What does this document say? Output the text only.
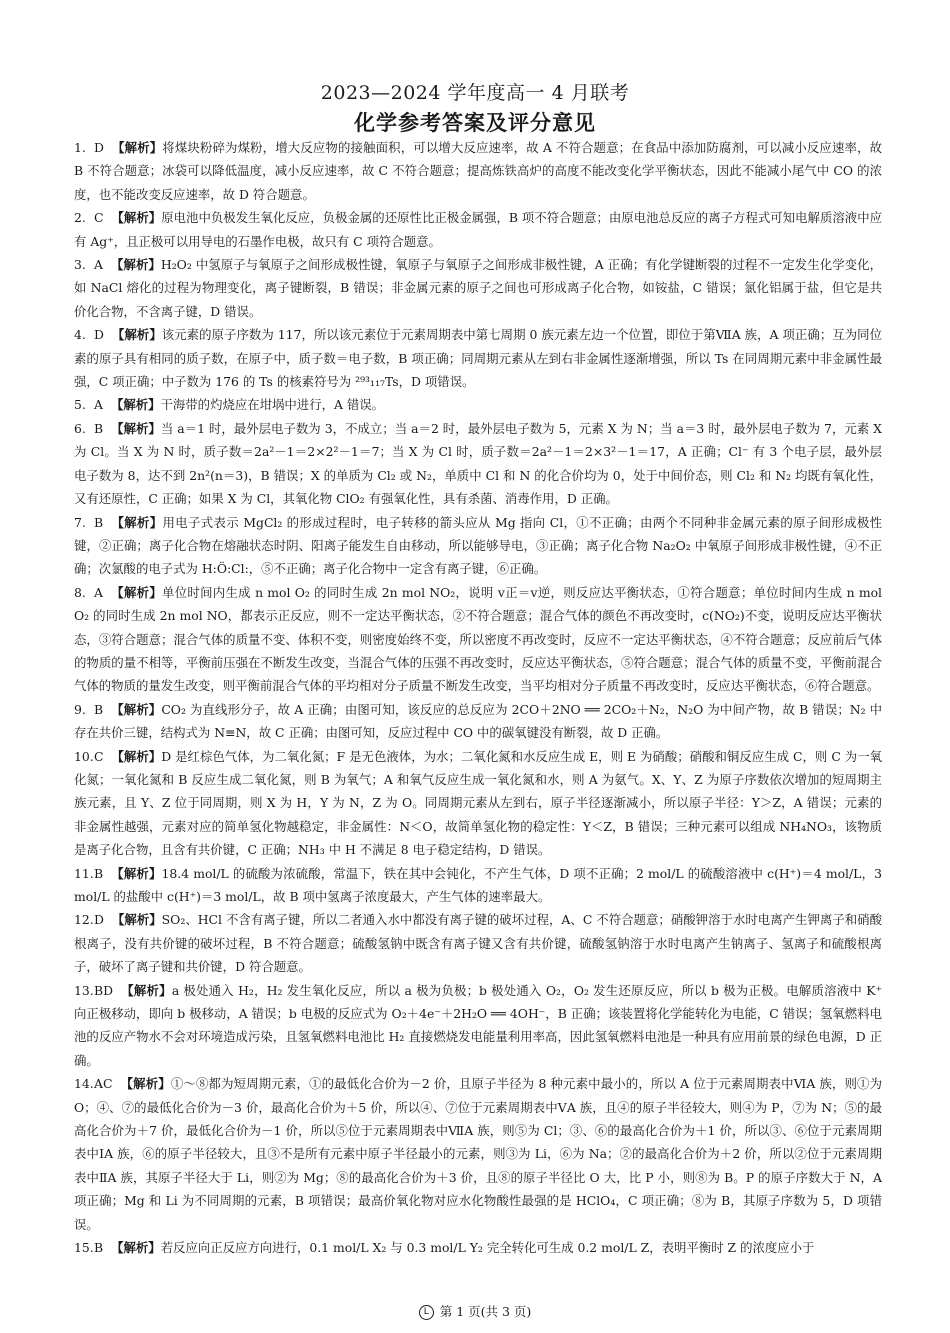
2023—2024 学年度高一 4 月联考
化学参考答案及评分意见

1. D 【解析】将煤块粉碎为煤粉，增大反应物的接触面积，可以增大反应速率，故 A 不符合题意；在食品中添加防腐剂，可以减小反应速率，故 B 不符合题意；冰袋可以降低温度，减小反应速率，故 C 不符合题意；提高炼铁高炉的高度不能改变化学平衡状态，因此不能减小尾气中 CO 的浓度，也不能改变反应速率，故 D 符合题意。

2. C 【解析】原电池中负极发生氧化反应，负极金属的还原性比正极金属强，B 项不符合题意；由原电池总反应的离子方程式可知电解质溶液中应有 Ag⁺，且正极可以用导电的石墨作电极，故只有 C 项符合题意。

3. A 【解析】H₂O₂ 中氢原子与氧原子之间形成极性键，氧原子与氧原子之间形成非极性键，A 正确；有化学键断裂的过程不一定发生化学变化，如 NaCl 熔化的过程为物理变化，离子键断裂，B 错误；非金属元素的原子之间也可形成离子化合物，如铵盐，C 错误；氯化铝属于盐，但它是共价化合物，不含离子键，D 错误。

4. D 【解析】该元素的原子序数为 117，所以该元素位于元素周期表中第七周期 0 族元素左边一个位置，即位于第ⅦA 族，A 项正确；互为同位素的原子具有相同的质子数，在原子中，质子数＝电子数，B 项正确；同周期元素从左到右非金属性逐渐增强，所以 Ts 在同周期元素中非金属性最强，C 项正确；中子数为 176 的 Ts 的核素符号为 ²⁹³₁₁₇Ts，D 项错误。

5. A 【解析】干海带的灼烧应在坩埚中进行，A 错误。

6. B 【解析】当 a＝1 时，最外层电子数为 3，不成立；当 a＝2 时，最外层电子数为 5，元素 X 为 N；当 a＝3 时，最外层电子数为 7，元素 X 为 Cl。当 X 为 N 时，质子数＝2a²－1＝2×2²－1＝7；当 X 为 Cl 时，质子数＝2a²－1＝2×3²－1＝17，A 正确；Cl⁻ 有 3 个电子层，最外层电子数为 8，达不到 2n²(n＝3)，B 错误；X 的单质为 Cl₂ 或 N₂，单质中 Cl 和 N 的化合价均为 0，处于中间价态，则 Cl₂ 和 N₂ 均既有氧化性，又有还原性，C 正确；如果 X 为 Cl，其氧化物 ClO₂ 有强氧化性，具有杀菌、消毒作用，D 正确。

7. B 【解析】用电子式表示 MgCl₂ 的形成过程时，电子转移的箭头应从 Mg 指向 Cl，①不正确；由两个不同种非金属元素的原子间形成极性键，②正确；离子化合物在熔融状态时阴、阳离子能发生自由移动，所以能够导电，③正确；离子化合物 Na₂O₂ 中氧原子间形成非极性键，④不正确；次氯酸的电子式为 H:Ö:Cl:，⑤不正确；离子化合物中一定含有离子键，⑥正确。

8. A 【解析】单位时间内生成 n mol O₂ 的同时生成 2n mol NO₂，说明 v正＝v逆，则反应达平衡状态，①符合题意；单位时间内生成 n mol O₂ 的同时生成 2n mol NO，都表示正反应，则不一定达平衡状态，②不符合题意；混合气体的颜色不再改变时，c(NO₂)不变，说明反应达平衡状态，③符合题意；混合气体的质量不变、体积不变，则密度始终不变，所以密度不再改变时，反应不一定达平衡状态，④不符合题意；反应前后气体的物质的量不相等，平衡前压强在不断发生改变，当混合气体的压强不再改变时，反应达平衡状态，⑤符合题意；混合气体的质量不变，平衡前混合气体的物质的量发生改变，则平衡前混合气体的平均相对分子质量不断发生改变，当平均相对分子质量不再改变时，反应达平衡状态，⑥符合题意。

9. B 【解析】CO₂ 为直线形分子，故 A 正确；由图可知，该反应的总反应为 2CO＋2NO ══ 2CO₂＋N₂，N₂O 为中间产物，故 B 错误；N₂ 中存在共价三键，结构式为 N≡N，故 C 正确；由图可知，反应过程中 CO 中的碳氧键没有断裂，故 D 正确。

10.C 【解析】D 是红棕色气体，为二氧化氮；F 是无色液体，为水；二氧化氮和水反应生成 E，则 E 为硝酸；硝酸和铜反应生成 C，则 C 为一氧化氮；一氧化氮和 B 反应生成二氧化氮，则 B 为氧气；A 和氧气反应生成一氧化氮和水，则 A 为氨气。X、Y、Z 为原子序数依次增加的短周期主族元素，且 Y、Z 位于同周期，则 X 为 H，Y 为 N，Z 为 O。同周期元素从左到右，原子半径逐渐减小，所以原子半径：Y＞Z，A 错误；元素的非金属性越强，元素对应的简单氢化物越稳定，非金属性：N＜O，故简单氢化物的稳定性：Y＜Z，B 错误；三种元素可以组成 NH₄NO₃，该物质是离子化合物，且含有共价键，C 正确；NH₃ 中 H 不满足 8 电子稳定结构，D 错误。

11.B 【解析】18.4 mol/L 的硫酸为浓硫酸，常温下，铁在其中会钝化，不产生气体，D 项不正确；2 mol/L 的硫酸溶液中 c(H⁺)＝4 mol/L，3 mol/L 的盐酸中 c(H⁺)＝3 mol/L，故 B 项中氢离子浓度最大，产生气体的速率最大。

12.D 【解析】SO₂、HCl 不含有离子键，所以二者通入水中都没有离子键的破坏过程，A、C 不符合题意；硝酸钾溶于水时电离产生钾离子和硝酸根离子，没有共价键的破坏过程，B 不符合题意；硫酸氢钠中既含有离子键又含有共价键，硫酸氢钠溶于水时电离产生钠离子、氢离子和硫酸根离子，破坏了离子键和共价键，D 符合题意。

13.BD 【解析】a 极处通入 H₂，H₂ 发生氧化反应，所以 a 极为负极；b 极处通入 O₂，O₂ 发生还原反应，所以 b 极为正极。电解质溶液中 K⁺ 向正极移动，即向 b 极移动，A 错误；b 电极的反应式为 O₂＋4e⁻＋2H₂O ══ 4OH⁻，B 正确；该装置将化学能转化为电能，C 错误；氢氧燃料电池的反应产物水不会对环境造成污染，且氢氧燃料电池比 H₂ 直接燃烧发电能量利用率高，因此氢氧燃料电池是一种具有应用前景的绿色电源，D 正确。

14.AC 【解析】①～⑧都为短周期元素，①的最低化合价为－2 价，且原子半径为 8 种元素中最小的，所以 A 位于元素周期表中ⅥA 族，则①为 O；④、⑦的最低化合价为－3 价，最高化合价为＋5 价，所以④、⑦位于元素周期表中ⅤA 族，且④的原子半径较大，则④为 P，⑦为 N；⑤的最高化合价为＋7 价，最低化合价为－1 价，所以⑤位于元素周期表中ⅦA 族，则⑤为 Cl；③、⑥的最高化合价为＋1 价，所以③、⑥位于元素周期表中ⅠA 族，⑥的原子半径较大，且③不是所有元素中原子半径最小的元素，则③为 Li，⑥为 Na；②的最高化合价为＋2 价，所以②位于元素周期表中ⅡA 族，其原子半径大于 Li，则②为 Mg；⑧的最高化合价为＋3 价，且⑧的原子半径比 O 大，比 P 小，则⑧为 B。P 的原子序数大于 N，A 项正确；Mg 和 Li 为不同周期的元素，B 项错误；最高价氧化物对应水化物酸性最强的是 HClO₄，C 项正确；⑧为 B，其原子序数为 5，D 项错误。

15.B 【解析】若反应向正反应方向进行，0.1 mol/L X₂ 与 0.3 mol/L Y₂ 完全转化可生成 0.2 mol/L Z，表明平衡时 Z 的浓度应小于

L 第 1 页(共 3 页)
